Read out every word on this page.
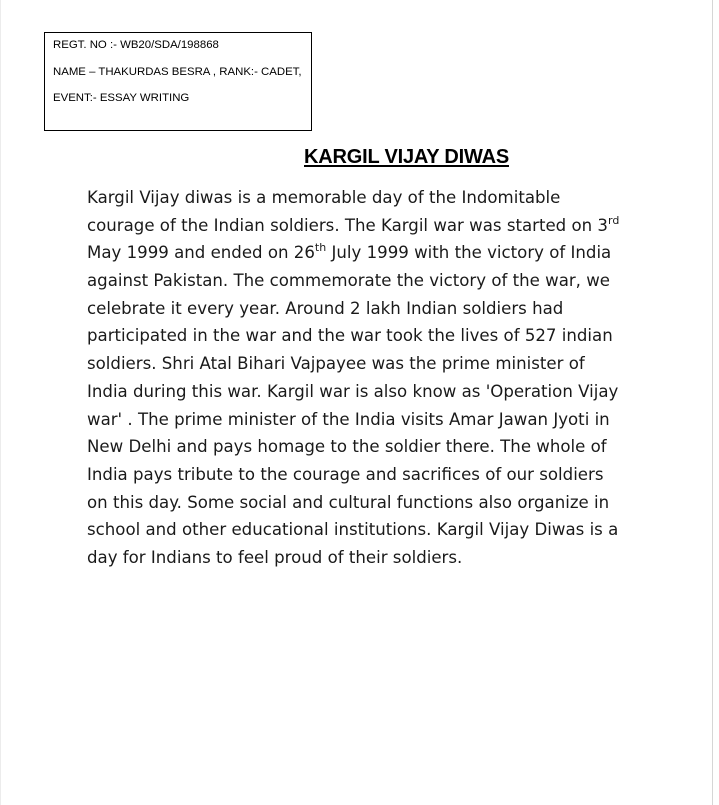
REGT. NO :- WB20/SDA/198868
NAME – THAKURDAS BESRA , RANK:- CADET,
EVENT:- ESSAY WRITING
KARGIL VIJAY DIWAS
Kargil Vijay diwas is a memorable day of the Indomitable
courage of the Indian soldiers. The Kargil war was started on 3rd
May 1999 and ended on 26th July 1999 with the victory of India
against Pakistan. The commemorate the victory of the war, we
celebrate it every year. Around 2 lakh Indian soldiers had
participated in the war and the war took the lives of 527 indian
soldiers. Shri Atal Bihari Vajpayee was the prime minister of
India during this war. Kargil war is also know as 'Operation Vijay
war' . The prime minister of the India visits Amar Jawan Jyoti in
New Delhi and pays homage to the soldier there. The whole of
India pays tribute to the courage and sacrifices of our soldiers
on this day. Some social and cultural functions also organize in
school and other educational institutions. Kargil Vijay Diwas is a
day for Indians to feel proud of their soldiers.
